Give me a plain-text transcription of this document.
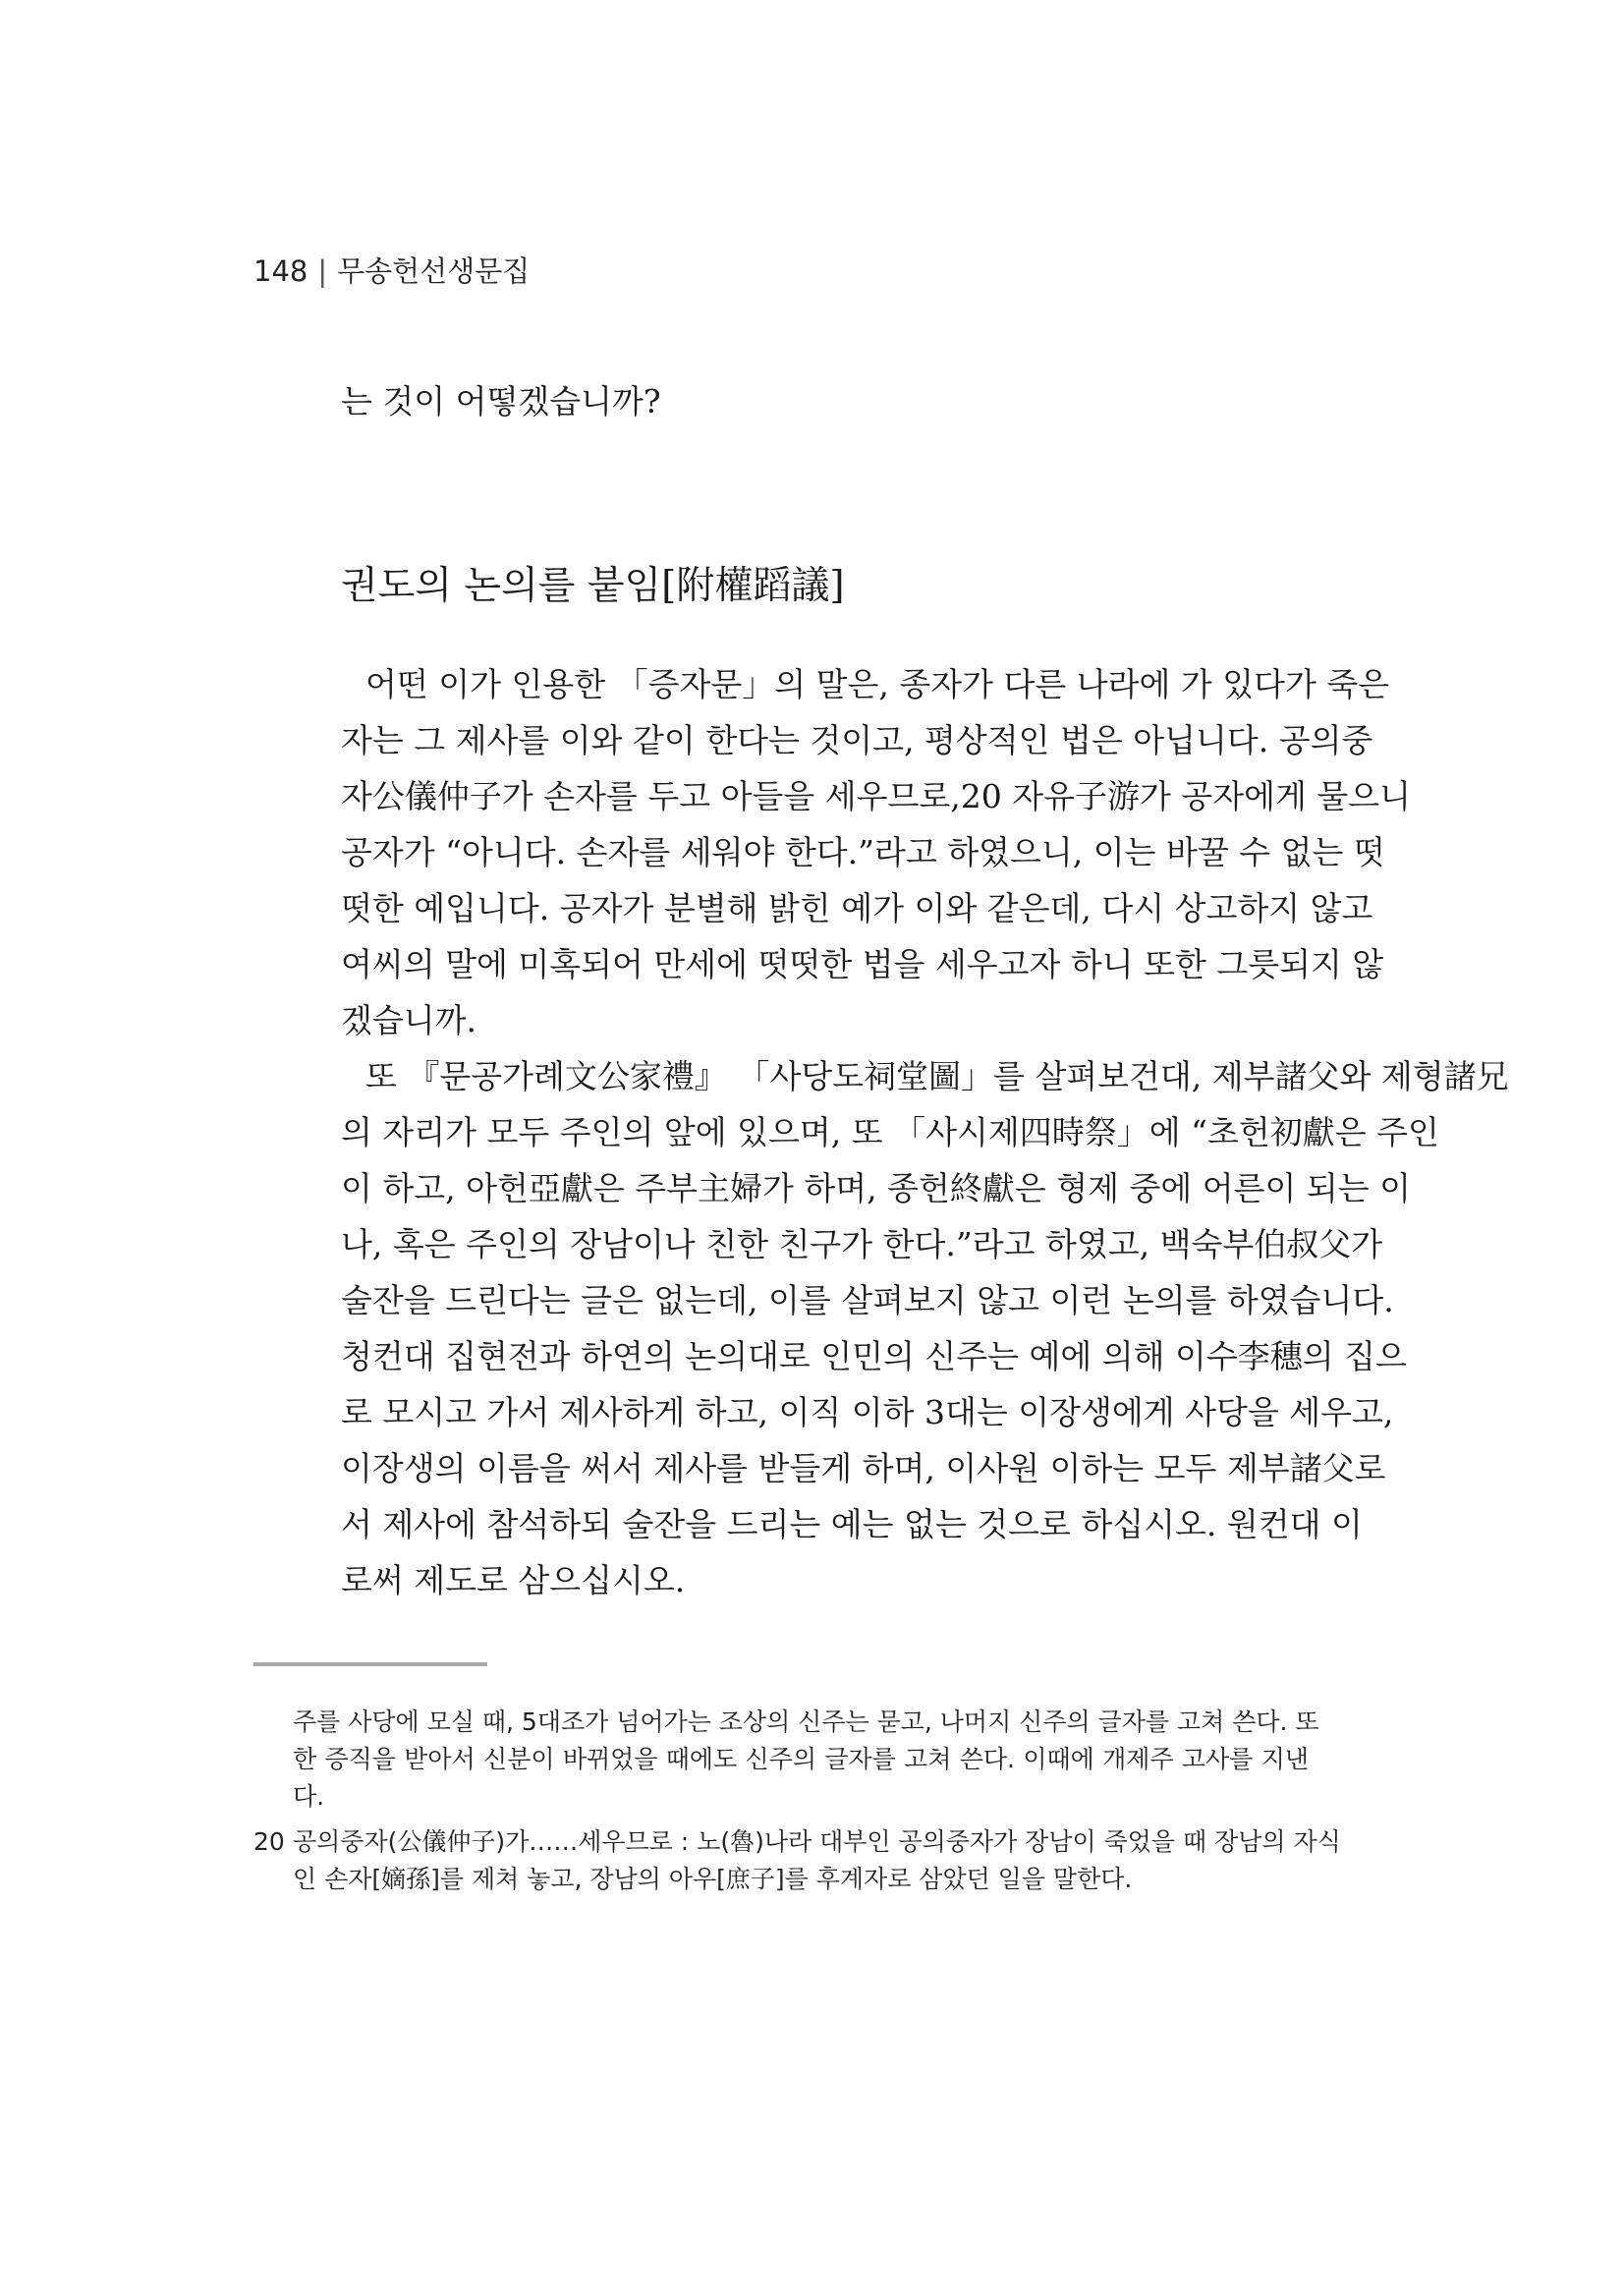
148 | 무송헌선생문집
는 것이 어떻겠습니까?
권도의 논의를 붙임[附權蹈議]
어떤 이가 인용한 「증자문」의 말은, 종자가 다른 나라에 가 있다가 죽은
자는 그 제사를 이와 같이 한다는 것이고, 평상적인 법은 아닙니다. 공의중
자公儀仲子가 손자를 두고 아들을 세우므로,20 자유子游가 공자에게 물으니
공자가 “아니다. 손자를 세워야 한다.”라고 하였으니, 이는 바꿀 수 없는 떳
떳한 예입니다. 공자가 분별해 밝힌 예가 이와 같은데, 다시 상고하지 않고
여씨의 말에 미혹되어 만세에 떳떳한 법을 세우고자 하니 또한 그릇되지 않
겠습니까.
또 『문공가례文公家禮』 「사당도祠堂圖」를 살펴보건대, 제부諸父와 제형諸兄
의 자리가 모두 주인의 앞에 있으며, 또 「사시제四時祭」에 “초헌初獻은 주인
이 하고, 아헌亞獻은 주부主婦가 하며, 종헌終獻은 형제 중에 어른이 되는 이
나, 혹은 주인의 장남이나 친한 친구가 한다.”라고 하였고, 백숙부伯叔父가
술잔을 드린다는 글은 없는데, 이를 살펴보지 않고 이런 논의를 하였습니다.
청컨대 집현전과 하연의 논의대로 인민의 신주는 예에 의해 이수李穗의 집으
로 모시고 가서 제사하게 하고, 이직 이하 3대는 이장생에게 사당을 세우고,
이장생의 이름을 써서 제사를 받들게 하며, 이사원 이하는 모두 제부諸父로
서 제사에 참석하되 술잔을 드리는 예는 없는 것으로 하십시오. 원컨대 이
로써 제도로 삼으십시오.
주를 사당에 모실 때, 5대조가 넘어가는 조상의 신주는 묻고, 나머지 신주의 글자를 고쳐 쓴다. 또
한 증직을 받아서 신분이 바뀌었을 때에도 신주의 글자를 고쳐 쓴다. 이때에 개제주 고사를 지낸
다.
20 공의중자(公儀仲子)가……세우므로 : 노(魯)나라 대부인 공의중자가 장남이 죽었을 때 장남의 자식
인 손자[嫡孫]를 제쳐 놓고, 장남의 아우[庶子]를 후계자로 삼았던 일을 말한다.
